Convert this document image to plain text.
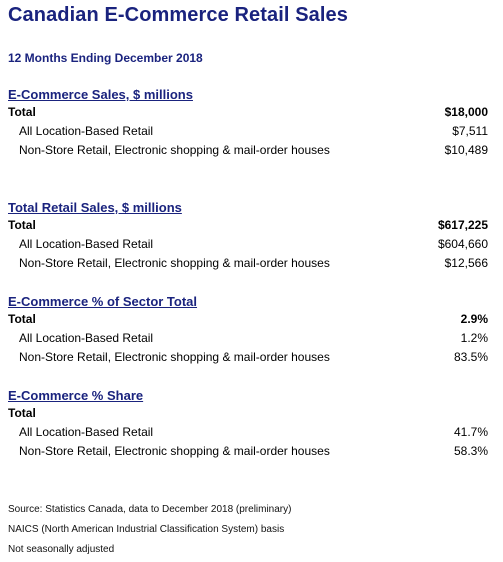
Canadian E-Commerce Retail Sales
12 Months Ending December 2018
E-Commerce Sales, $ millions
Total	$18,000
All Location-Based Retail	$7,511
Non-Store Retail, Electronic shopping & mail-order houses	$10,489
Total Retail Sales, $ millions
Total	$617,225
All Location-Based Retail	$604,660
Non-Store Retail, Electronic shopping & mail-order houses	$12,566
E-Commerce % of Sector Total
Total	2.9%
All Location-Based Retail	1.2%
Non-Store Retail, Electronic shopping & mail-order houses	83.5%
E-Commerce % Share
Total
All Location-Based Retail	41.7%
Non-Store Retail, Electronic shopping & mail-order houses	58.3%
Source: Statistics Canada, data to December 2018 (preliminary)
NAICS (North American Industrial Classification System) basis
Not seasonally adjusted
